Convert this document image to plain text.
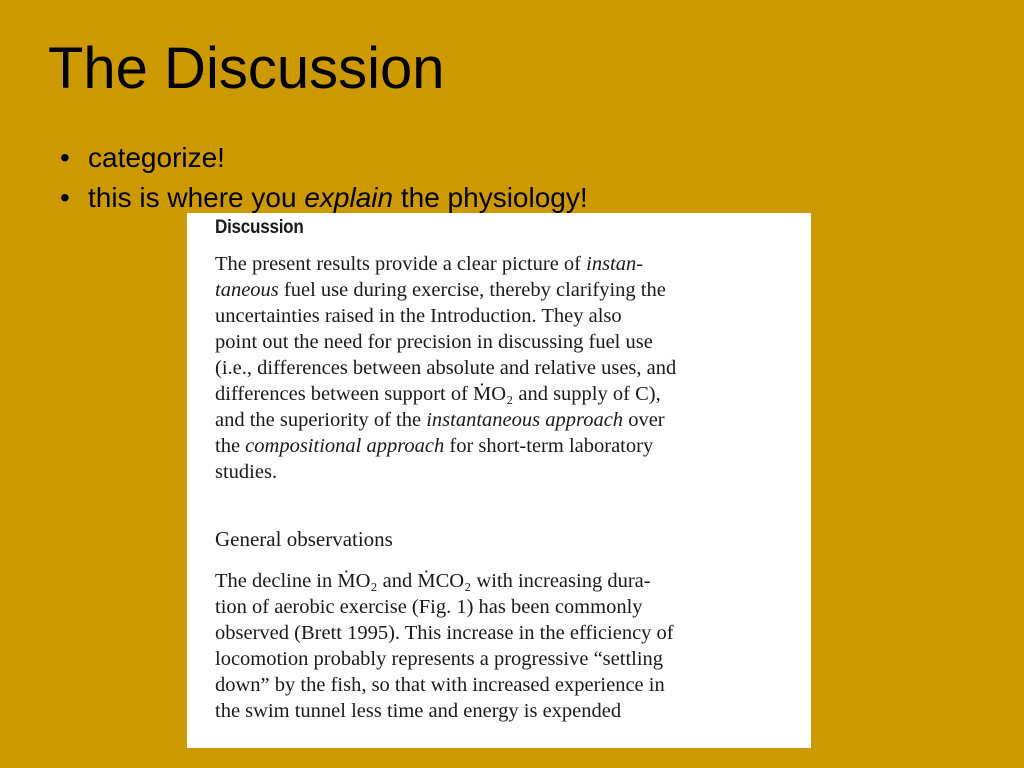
The Discussion
• categorize!
• this is where you explain the physiology!
Discussion

The present results provide a clear picture of instan-
taneous fuel use during exercise, thereby clarifying the
uncertainties raised in the Introduction. They also
point out the need for precision in discussing fuel use
(i.e., differences between absolute and relative uses, and
differences between support of ṀO₂ and supply of C),
and the superiority of the instantaneous approach over
the compositional approach for short-term laboratory
studies.

General observations

The decline in ṀO₂ and ṀCO₂ with increasing dura-
tion of aerobic exercise (Fig. 1) has been commonly
observed (Brett 1995). This increase in the efficiency of
locomotion probably represents a progressive “settling
down” by the fish, so that with increased experience in
the swim tunnel less time and energy is expended
